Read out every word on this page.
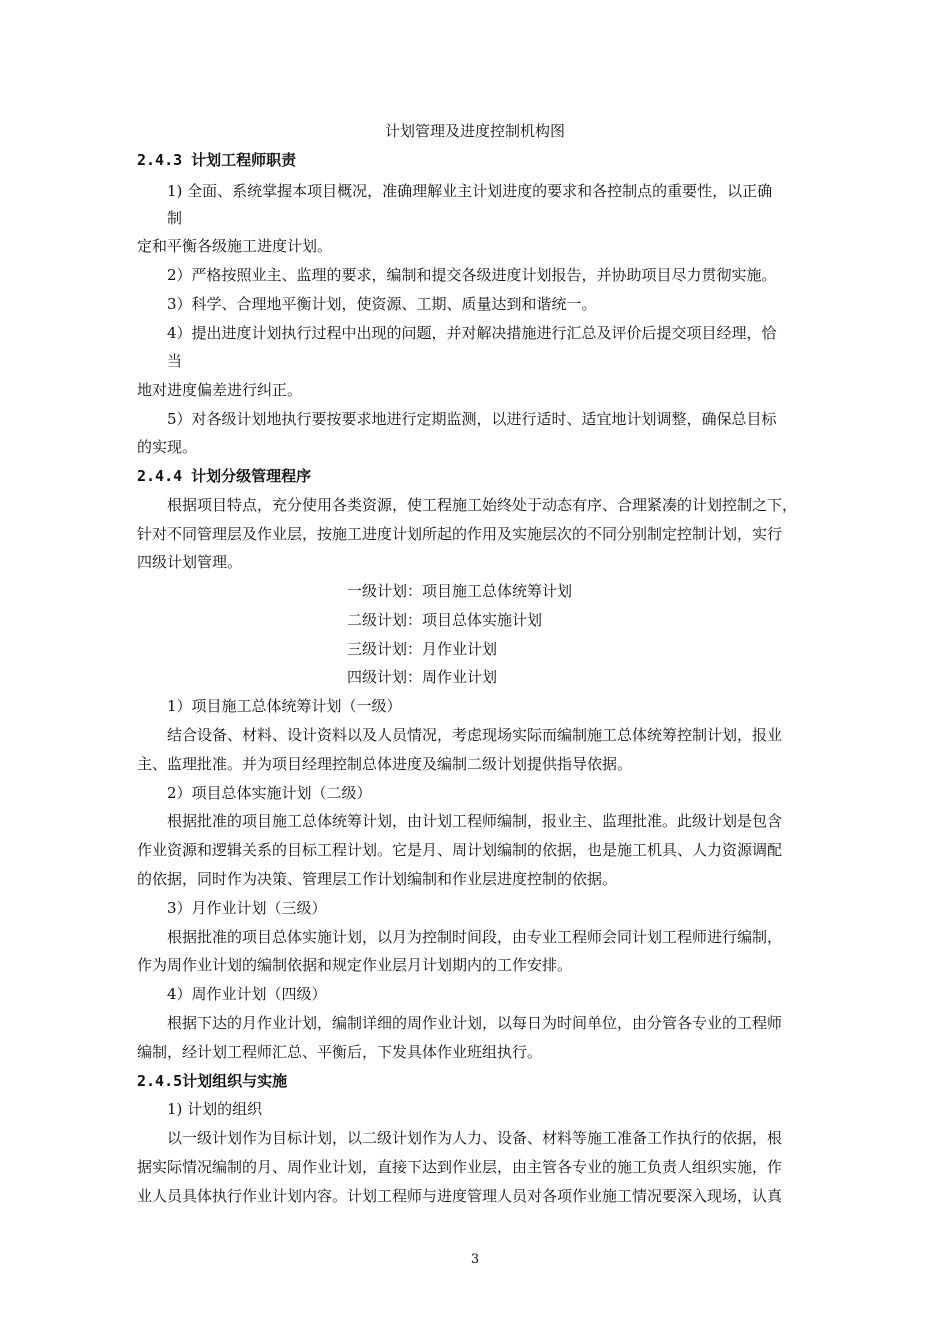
计划管理及进度控制机构图
2.4.3 计划工程师职责
1) 全面、系统掌握本项目概况，准确理解业主计划进度的要求和各控制点的重要性，以正确
制
定和平衡各级施工进度计划。
2）严格按照业主、监理的要求，编制和提交各级进度计划报告，并协助项目尽力贯彻实施。
3）科学、合理地平衡计划，使资源、工期、质量达到和谐统一。
4）提出进度计划执行过程中出现的问题，并对解决措施进行汇总及评价后提交项目经理，恰
当
地对进度偏差进行纠正。
5）对各级计划地执行要按要求地进行定期监测，以进行适时、适宜地计划调整，确保总目标
的实现。
2.4.4 计划分级管理程序
根据项目特点，充分使用各类资源，使工程施工始终处于动态有序、合理紧凑的计划控制之下，
针对不同管理层及作业层，按施工进度计划所起的作用及实施层次的不同分别制定控制计划，实行
四级计划管理。
一级计划：项目施工总体统筹计划
二级计划：项目总体实施计划
三级计划：月作业计划
四级计划：周作业计划
1）项目施工总体统筹计划（一级）
结合设备、材料、设计资料以及人员情况，考虑现场实际而编制施工总体统筹控制计划，报业
主、监理批准。并为项目经理控制总体进度及编制二级计划提供指导依据。
2）项目总体实施计划（二级）
根据批准的项目施工总体统筹计划，由计划工程师编制，报业主、监理批准。此级计划是包含
作业资源和逻辑关系的目标工程计划。它是月、周计划编制的依据，也是施工机具、人力资源调配
的依据，同时作为决策、管理层工作计划编制和作业层进度控制的依据。
3）月作业计划（三级）
根据批准的项目总体实施计划，以月为控制时间段，由专业工程师会同计划工程师进行编制，
作为周作业计划的编制依据和规定作业层月计划期内的工作安排。
4）周作业计划（四级）
根据下达的月作业计划，编制详细的周作业计划，以每日为时间单位，由分管各专业的工程师
编制，经计划工程师汇总、平衡后，下发具体作业班组执行。
2.4.5计划组织与实施
1) 计划的组织
以一级计划作为目标计划，以二级计划作为人力、设备、材料等施工准备工作执行的依据，根
据实际情况编制的月、周作业计划，直接下达到作业层，由主管各专业的施工负责人组织实施，作
业人员具体执行作业计划内容。计划工程师与进度管理人员对各项作业施工情况要深入现场，认真
3
